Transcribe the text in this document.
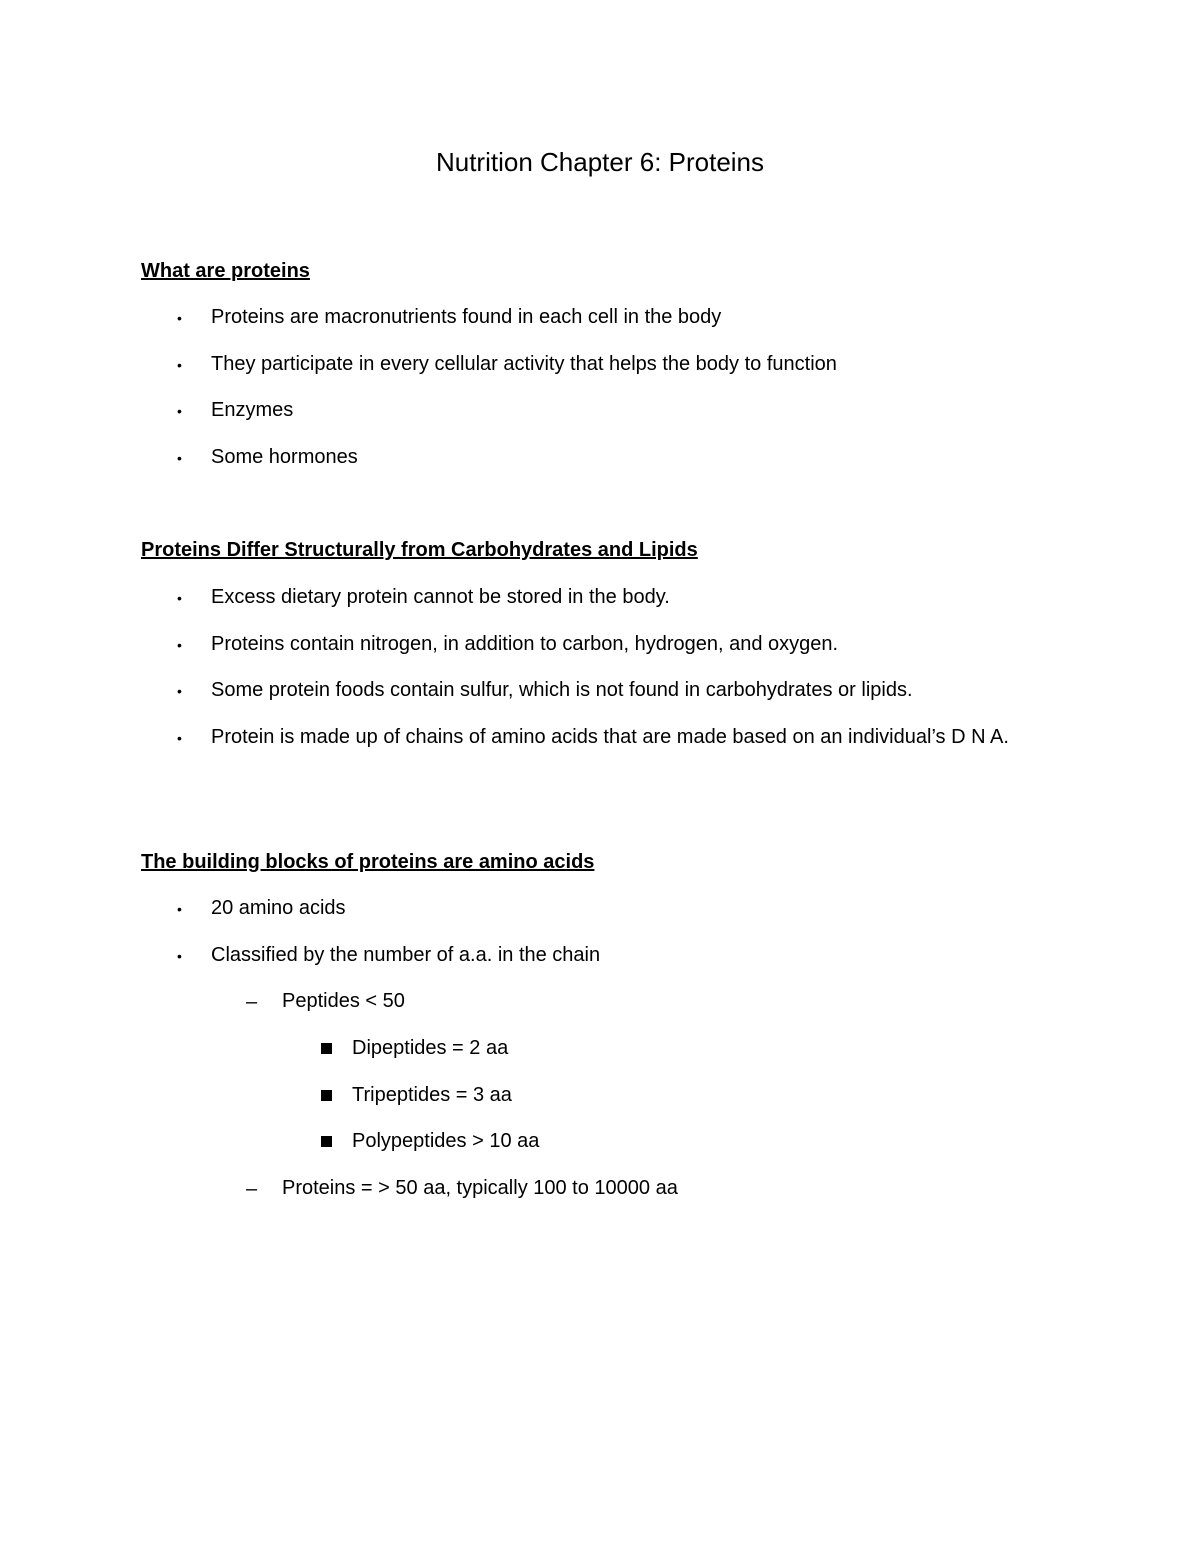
Nutrition Chapter 6: Proteins
What are proteins
• Proteins are macronutrients found in each cell in the body
• They participate in every cellular activity that helps the body to function
• Enzymes
• Some hormones
Proteins Differ Structurally from Carbohydrates and Lipids
• Excess dietary protein cannot be stored in the body.
• Proteins contain nitrogen, in addition to carbon, hydrogen, and oxygen.
• Some protein foods contain sulfur, which is not found in carbohydrates or lipids.
• Protein is made up of chains of amino acids that are made based on an individual’s D N A.
The building blocks of proteins are amino acids
• 20 amino acids
• Classified by the number of a.a. in the chain
– Peptides < 50
Dipeptides = 2 aa
Tripeptides = 3 aa
Polypeptides > 10 aa
– Proteins = > 50 aa, typically 100 to 10000 aa
